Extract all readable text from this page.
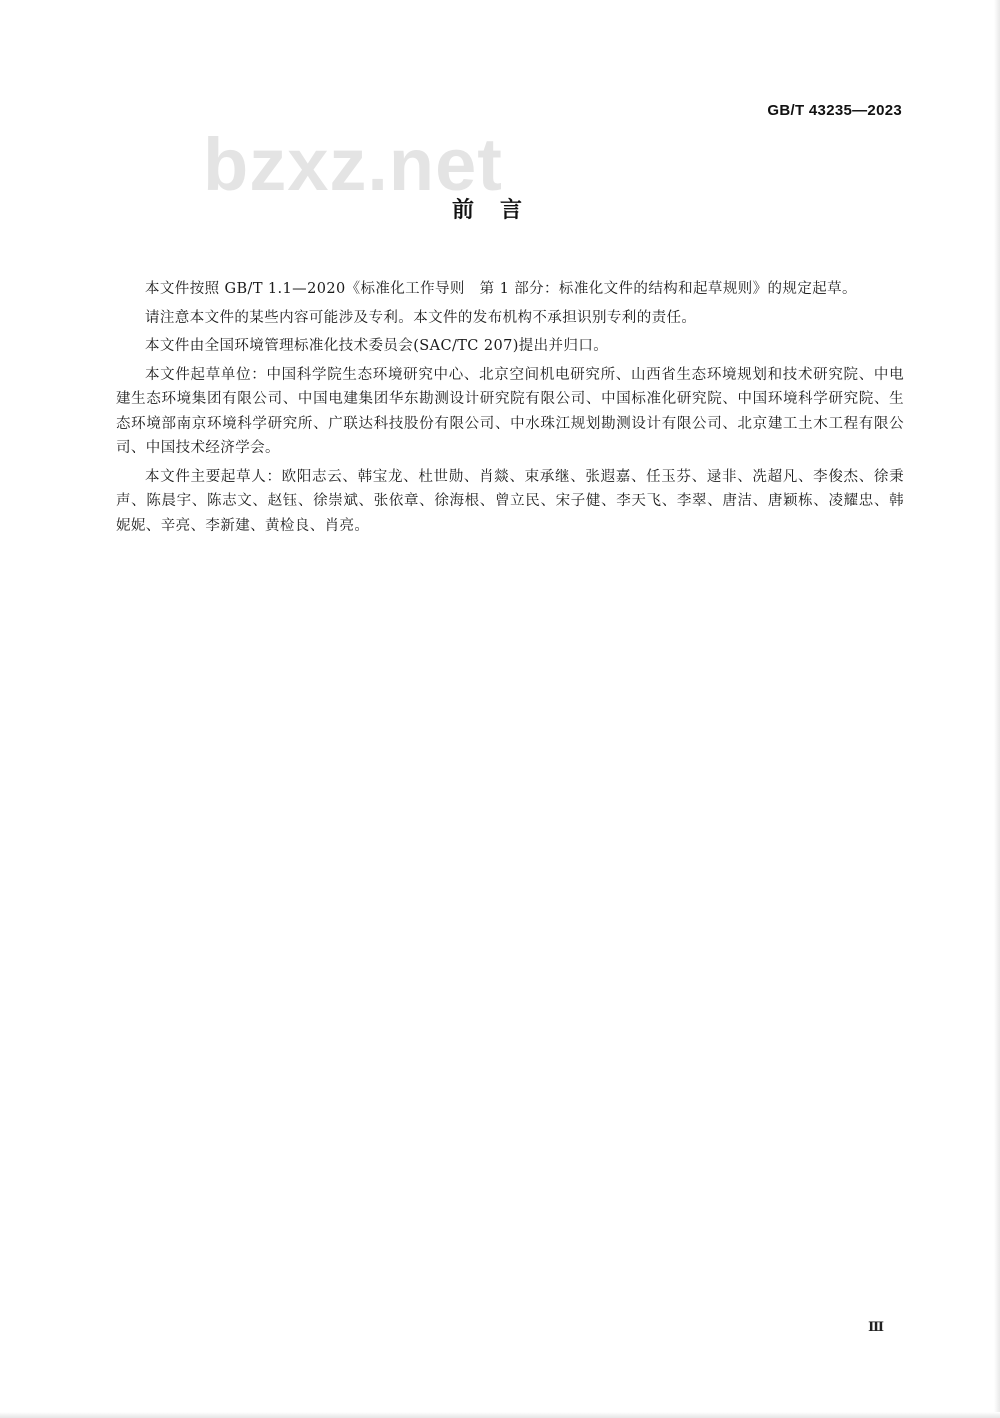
GB/T 43235—2023
bzxz.net
前言

本文件按照 GB/T 1.1—2020《标准化工作导则　第 1 部分：标准化文件的结构和起草规则》的规定起草。

请注意本文件的某些内容可能涉及专利。本文件的发布机构不承担识别专利的责任。

本文件由全国环境管理标准化技术委员会(SAC/TC 207)提出并归口。

本文件起草单位：中国科学院生态环境研究中心、北京空间机电研究所、山西省生态环境规划和技术研究院、中电建生态环境集团有限公司、中国电建集团华东勘测设计研究院有限公司、中国标准化研究院、中国环境科学研究院、生态环境部南京环境科学研究所、广联达科技股份有限公司、中水珠江规划勘测设计有限公司、北京建工土木工程有限公司、中国技术经济学会。

本文件主要起草人：欧阳志云、韩宝龙、杜世勋、肖燚、束承继、张遐嘉、任玉芬、逯非、冼超凡、李俊杰、徐秉声、陈晨宇、陈志文、赵钰、徐崇斌、张依章、徐海根、曾立民、宋子健、李天飞、李翠、唐洁、唐颖栋、凌耀忠、韩妮妮、辛亮、李新建、黄检良、肖亮。

Ⅲ
